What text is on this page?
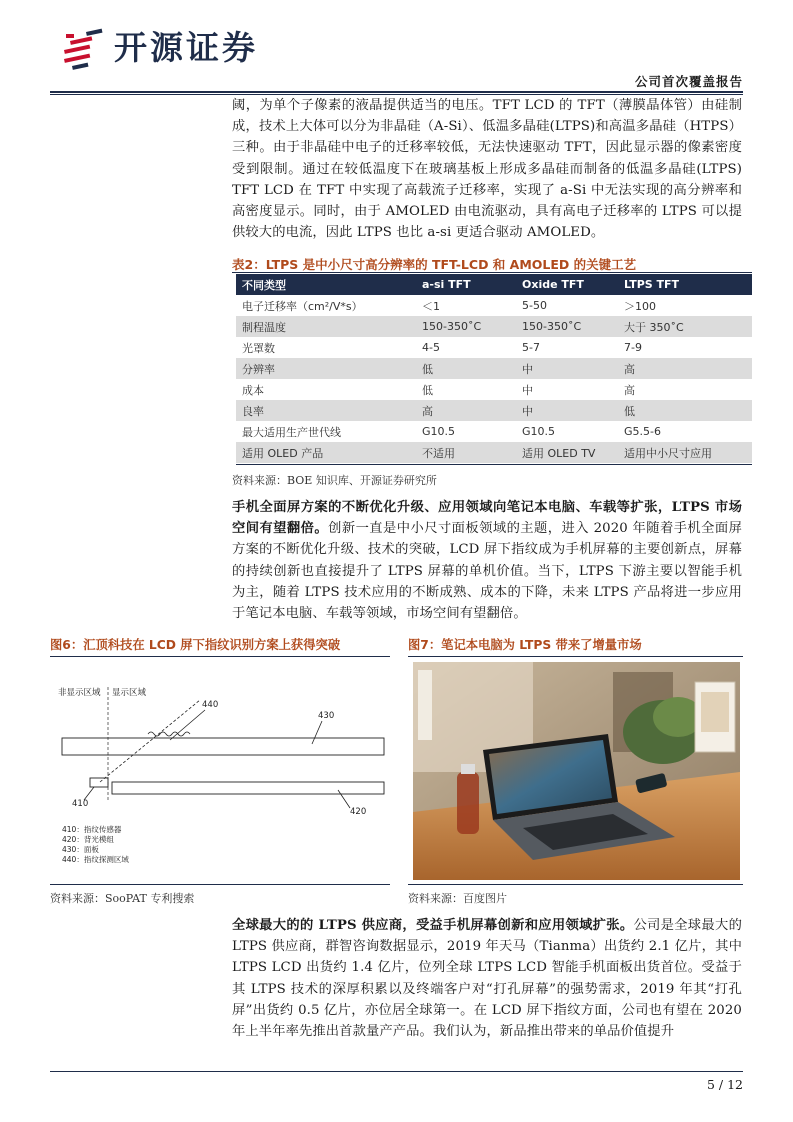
开源证券
公司首次覆盖报告
阈，为单个子像素的液晶提供适当的电压。TFT LCD 的 TFT（薄膜晶体管）由硅制成，技术上大体可以分为非晶硅（A-Si）、低温多晶硅(LTPS)和高温多晶硅（HTPS）三种。由于非晶硅中电子的迁移率较低，无法快速驱动 TFT，因此显示器的像素密度受到限制。通过在较低温度下在玻璃基板上形成多晶硅而制备的低温多晶硅(LTPS) TFT LCD 在 TFT 中实现了高载流子迁移率，实现了 a-Si 中无法实现的高分辨率和高密度显示。同时，由于 AMOLED 由电流驱动，具有高电子迁移率的 LTPS 可以提供较大的电流，因此 LTPS 也比 a-si 更适合驱动 AMOLED。
表2：LTPS 是中小尺寸高分辨率的 TFT-LCD 和 AMOLED 的关键工艺
不同类型	a-si TFT	Oxide TFT	LTPS TFT
电子迁移率（cm²/V*s）	＜1	5-50	＞100
制程温度	150-350˚C	150-350˚C	大于 350˚C
光罩数	4-5	5-7	7-9
分辨率	低	中	高
成本	低	中	高
良率	高	中	低
最大适用生产世代线	G10.5	G10.5	G5.5-6
适用 OLED 产品	不适用	适用 OLED TV	适用中小尺寸应用
资料来源：BOE 知识库、开源证券研究所
手机全面屏方案的不断优化升级、应用领域向笔记本电脑、车载等扩张，LTPS 市场空间有望翻倍。创新一直是中小尺寸面板领域的主题，进入 2020 年随着手机全面屏方案的不断优化升级、技术的突破，LCD 屏下指纹成为手机屏幕的主要创新点，屏幕的持续创新也直接提升了 LTPS 屏幕的单机价值。当下，LTPS 下游主要以智能手机为主，随着 LTPS 技术应用的不断成熟、成本的下降，未来 LTPS 产品将进一步应用于笔记本电脑、车载等领域，市场空间有望翻倍。
图6：汇顶科技在 LCD 屏下指纹识别方案上获得突破
非显示区域 显示区域
440
430
410
420
410：指纹传感器
420：背光模组
430：面板
440：指纹探测区域
资料来源：SooPAT 专利搜索
图7：笔记本电脑为 LTPS 带来了增量市场
资料来源：百度图片
全球最大的的 LTPS 供应商，受益手机屏幕创新和应用领域扩张。公司是全球最大的 LTPS 供应商，群智咨询数据显示，2019 年天马（Tianma）出货约 2.1 亿片，其中 LTPS LCD 出货约 1.4 亿片，位列全球 LTPS LCD 智能手机面板出货首位。受益于其 LTPS 技术的深厚积累以及终端客户对“打孔屏幕”的强势需求，2019 年其“打孔屏”出货约 0.5 亿片，亦位居全球第一。在 LCD 屏下指纹方面，公司也有望在 2020 年上半年率先推出首款量产产品。我们认为，新品推出带来的单品价值提升
5 / 12
